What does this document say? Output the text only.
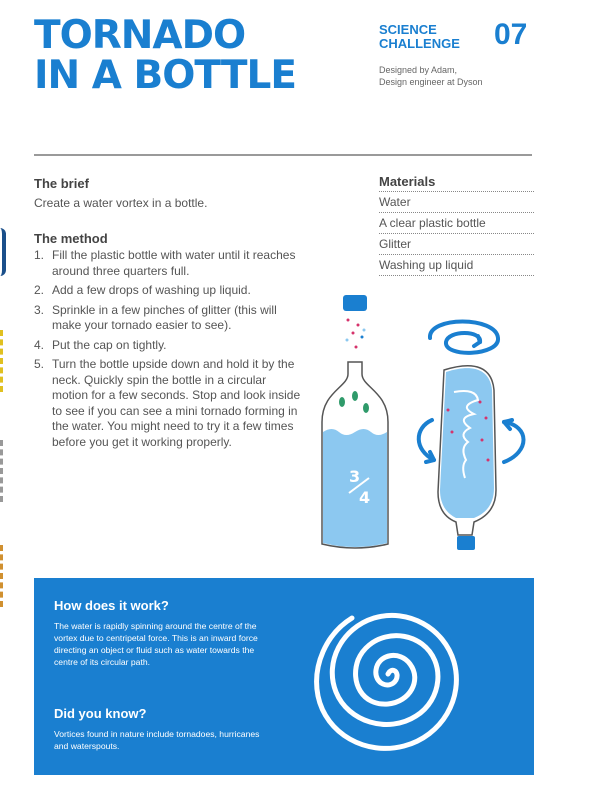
TORNADO
IN A BOTTLE
SCIENCE
CHALLENGE 07
Designed by Adam,
Design engineer at Dyson
The brief
Create a water vortex in a bottle.
The method
1. Fill the plastic bottle with water until it reaches around three quarters full.
2. Add a few drops of washing up liquid.
3. Sprinkle in a few pinches of glitter (this will make your tornado easier to see).
4. Put the cap on tightly.
5. Turn the bottle upside down and hold it by the neck. Quickly spin the bottle in a circular motion for a few seconds. Stop and look inside to see if you can see a mini tornado forming in the water. You might need to try it a few times before you get it working properly.
Materials
Water
A clear plastic bottle
Glitter
Washing up liquid
3
4
How does it work?

The water is rapidly spinning around the centre of the vortex due to centripetal force. This is an inward force directing an object or fluid such as water towards the centre of its circular path.

Did you know?

Vortices found in nature include tornadoes, hurricanes and waterspouts.
